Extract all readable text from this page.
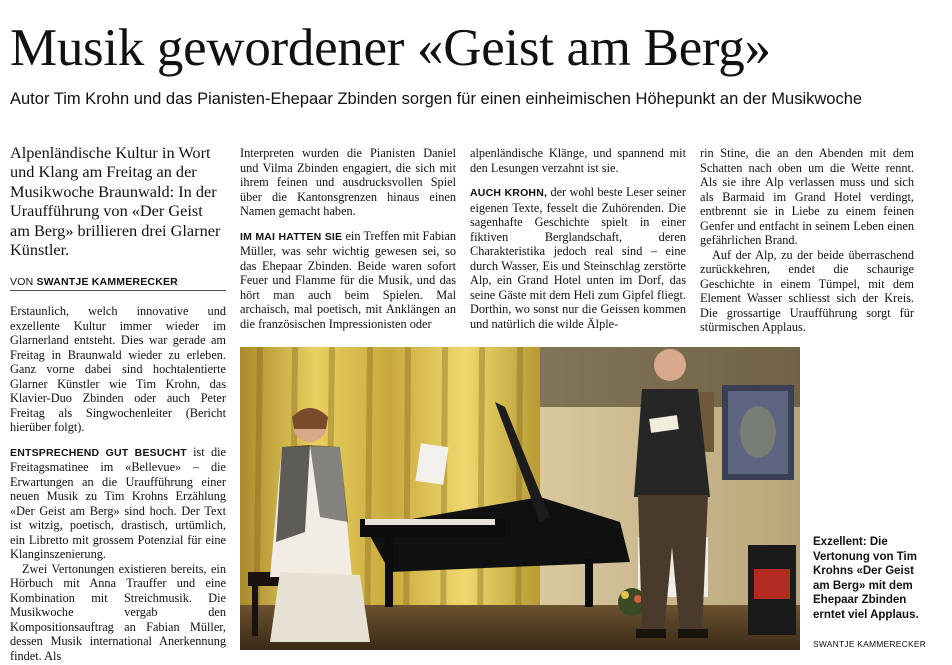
Musik gewordener «Geist am Berg»
Autor Tim Krohn und das Pianisten-Ehepaar Zbinden sorgen für einen einheimischen Höhepunkt an der Musikwoche
Alpenländische Kultur in Wort und Klang am Freitag an der Musikwoche Braunwald: In der Uraufführung von «Der Geist am Berg» brillieren drei Glarner Künstler.
VON SWANTJE KAMMERECKER

Erstaunlich, welch innovative und exzellente Kultur immer wieder im Glarnerland entsteht. Dies war gerade am Freitag in Braunwald wieder zu erleben. Ganz vorne dabei sind hochtalentierte Glarner Künstler wie Tim Krohn, das Klavier-Duo Zbinden oder auch Peter Freitag als Singwochenleiter (Bericht hierüber folgt).

ENTSPRECHEND GUT BESUCHT ist die Freitagsmatinee im «Bellevue» – die Erwartungen an die Uraufführung einer neuen Musik zu Tim Krohns Erzählung «Der Geist am Berg» sind hoch. Der Text ist witzig, poetisch, drastisch, urtümlich, ein Libretto mit grossem Potenzial für eine Klanginszenierung.

Zwei Vertonungen existieren bereits, ein Hörbuch mit Anna Trauffer und eine Kombination mit Streichmusik. Die Musikwoche vergab den Kompositionsauftrag an Fabian Müller, dessen Musik international Anerkennung findet. Als

Interpreten wurden die Pianisten Daniel und Vilma Zbinden engagiert, die sich mit ihrem feinen und ausdrucksvollen Spiel über die Kantonsgrenzen hinaus einen Namen gemacht haben.

IM MAI HATTEN SIE ein Treffen mit Fabian Müller, was sehr wichtig gewesen sei, so das Ehepaar Zbinden. Beide waren sofort Feuer und Flamme für die Musik, und das hört man auch beim Spielen. Mal archaisch, mal poetisch, mit Anklängen an die französischen Impressionisten oder

alpenländische Klänge, und spannend mit den Lesungen verzahnt ist sie.

AUCH KROHN, der wohl beste Leser seiner eigenen Texte, fesselt die Zuhörenden. Die sagenhafte Geschichte spielt in einer fiktiven Berglandschaft, deren Charakteristika jedoch real sind – eine durch Wasser, Eis und Steinschlag zerstörte Alp, ein Grand Hotel unten im Dorf, das seine Gäste mit dem Heli zum Gipfel fliegt. Dorthin, wo sonst nur die Geissen kommen und natürlich die wilde Älple-

rin Stine, die an den Abenden mit dem Schatten nach oben um die Wette rennt. Als sie ihre Alp verlassen muss und sich als Barmaid im Grand Hotel verdingt, entbrennt sie in Liebe zu einem feinen Genfer und entfacht in seinem Leben einen gefährlichen Brand.

Auf der Alp, zu der beide überraschend zurückkehren, endet die schaurige Geschichte in einem Tümpel, mit dem Element Wasser schliesst sich der Kreis. Die grossartige Uraufführung sorgt für stürmischen Applaus.

Exzellent: Die Vertonung von Tim Krohns «Der Geist am Berg» mit dem Ehepaar Zbinden erntet viel Applaus.
SWANTJE KAMMERECKER
